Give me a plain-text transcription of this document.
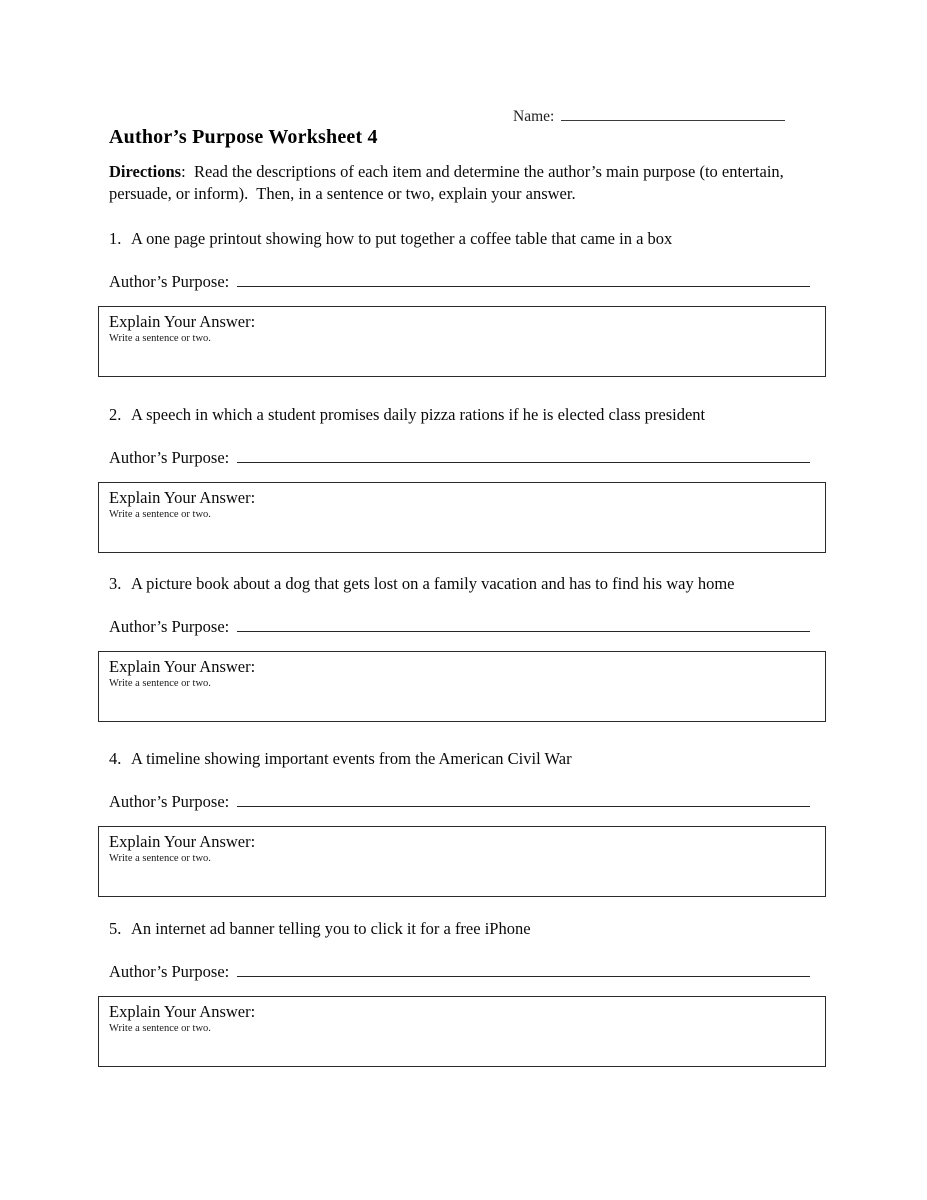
Name:
Author’s Purpose Worksheet 4

Directions:  Read the descriptions of each item and determine the author’s main purpose (to entertain, persuade, or inform).  Then, in a sentence or two, explain your answer.

1. A one page printout showing how to put together a coffee table that came in a box

Author’s Purpose:
Explain Your Answer:
Write a sentence or two.

2. A speech in which a student promises daily pizza rations if he is elected class president

Author’s Purpose:
Explain Your Answer:
Write a sentence or two.

3. A picture book about a dog that gets lost on a family vacation and has to find his way home

Author’s Purpose:
Explain Your Answer:
Write a sentence or two.

4. A timeline showing important events from the American Civil War

Author’s Purpose:
Explain Your Answer:
Write a sentence or two.

5. An internet ad banner telling you to click it for a free iPhone

Author’s Purpose:
Explain Your Answer:
Write a sentence or two.
